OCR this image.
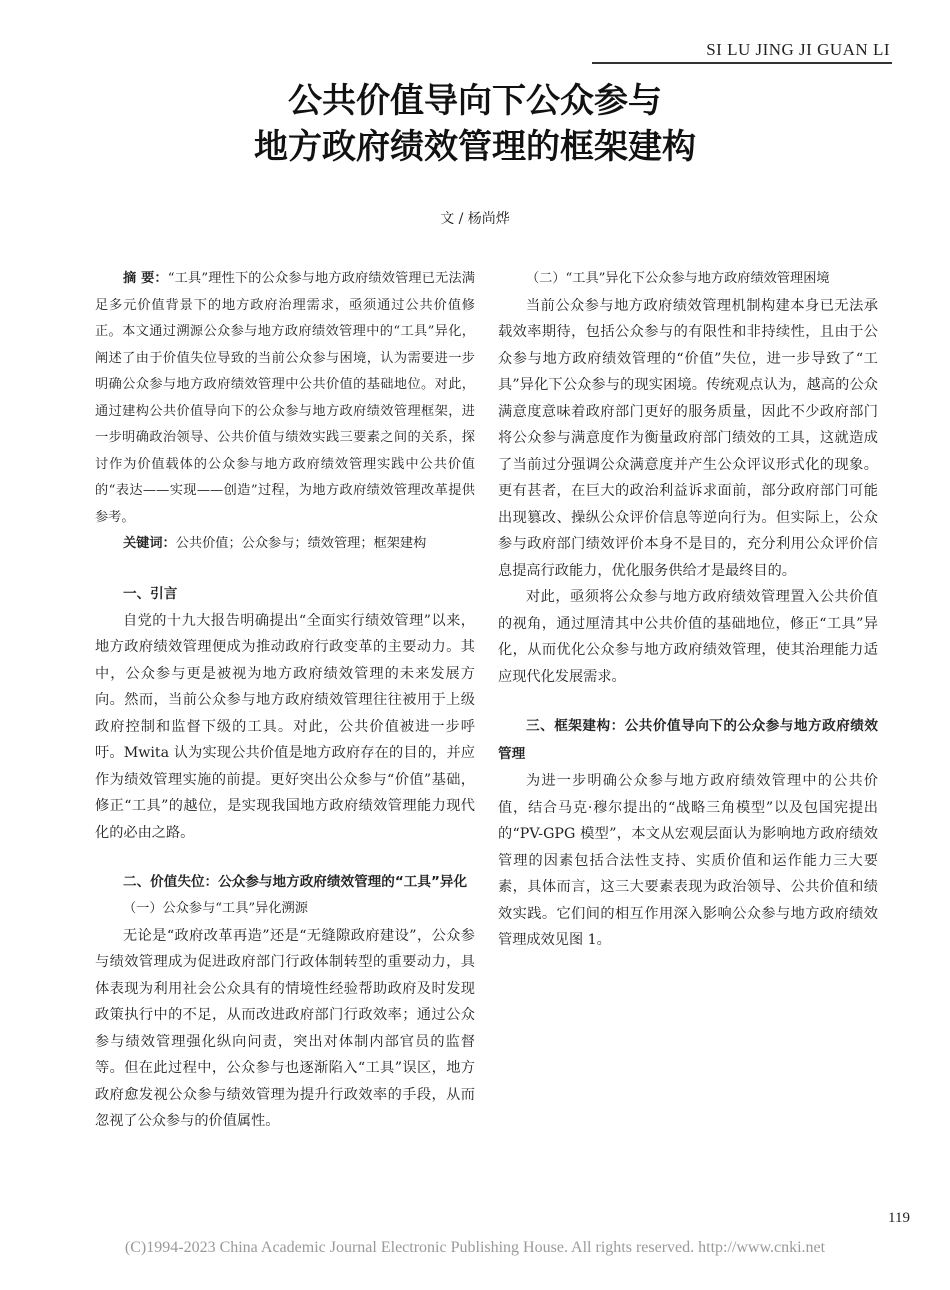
SI LU JING JI GUAN LI
公共价值导向下公众参与
地方政府绩效管理的框架建构
文 / 杨尚烨

摘 要：“工具”理性下的公众参与地方政府绩效管理已无法满足多元价值背景下的地方政府治理需求，亟须通过公共价值修正。本文通过溯源公众参与地方政府绩效管理中的“工具”异化，阐述了由于价值失位导致的当前公众参与困境，认为需要进一步明确公众参与地方政府绩效管理中公共价值的基础地位。对此，通过建构公共价值导向下的公众参与地方政府绩效管理框架，进一步明确政治领导、公共价值与绩效实践三要素之间的关系，探讨作为价值载体的公众参与地方政府绩效管理实践中公共价值的“表达——实现——创造”过程，为地方政府绩效管理改革提供参考。

关键词：公共价值；公众参与；绩效管理；框架建构

一、引言

自党的十九大报告明确提出“全面实行绩效管理”以来，地方政府绩效管理便成为推动政府行政变革的主要动力。其中，公众参与更是被视为地方政府绩效管理的未来发展方向。然而，当前公众参与地方政府绩效管理往往被用于上级政府控制和监督下级的工具。对此，公共价值被进一步呼吁。Mwita 认为实现公共价值是地方政府存在的目的，并应作为绩效管理实施的前提。更好突出公众参与“价值”基础，修正“工具”的越位，是实现我国地方政府绩效管理能力现代化的必由之路。

二、价值失位：公众参与地方政府绩效管理的“工具”异化

（一）公众参与“工具”异化溯源

无论是“政府改革再造”还是“无缝隙政府建设”，公众参与绩效管理成为促进政府部门行政体制转型的重要动力，具体表现为利用社会公众具有的情境性经验帮助政府及时发现政策执行中的不足，从而改进政府部门行政效率；通过公众参与绩效管理强化纵向问责，突出对体制内部官员的监督等。但在此过程中，公众参与也逐渐陷入“工具”误区，地方政府愈发视公众参与绩效管理为提升行政效率的手段，从而忽视了公众参与的价值属性。

（二）“工具”异化下公众参与地方政府绩效管理困境

当前公众参与地方政府绩效管理机制构建本身已无法承载效率期待，包括公众参与的有限性和非持续性，且由于公众参与地方政府绩效管理的“价值”失位，进一步导致了“工具”异化下公众参与的现实困境。传统观点认为，越高的公众满意度意味着政府部门更好的服务质量，因此不少政府部门将公众参与满意度作为衡量政府部门绩效的工具，这就造成了当前过分强调公众满意度并产生公众评议形式化的现象。更有甚者，在巨大的政治利益诉求面前，部分政府部门可能出现篡改、操纵公众评价信息等逆向行为。但实际上，公众参与政府部门绩效评价本身不是目的，充分利用公众评价信息提高行政能力，优化服务供给才是最终目的。

对此，亟须将公众参与地方政府绩效管理置入公共价值的视角，通过厘清其中公共价值的基础地位，修正“工具”异化，从而优化公众参与地方政府绩效管理，使其治理能力适应现代化发展需求。

三、框架建构：公共价值导向下的公众参与地方政府绩效管理

为进一步明确公众参与地方政府绩效管理中的公共价值，结合马克·穆尔提出的“战略三角模型”以及包国宪提出的“PV-GPG 模型”，本文从宏观层面认为影响地方政府绩效管理的因素包括合法性支持、实质价值和运作能力三大要素，具体而言，这三大要素表现为政治领导、公共价值和绩效实践。它们间的相互作用深入影响公众参与地方政府绩效管理成效见图 1。

119
(C)1994-2023 China Academic Journal Electronic Publishing House. All rights reserved. http://www.cnki.net
